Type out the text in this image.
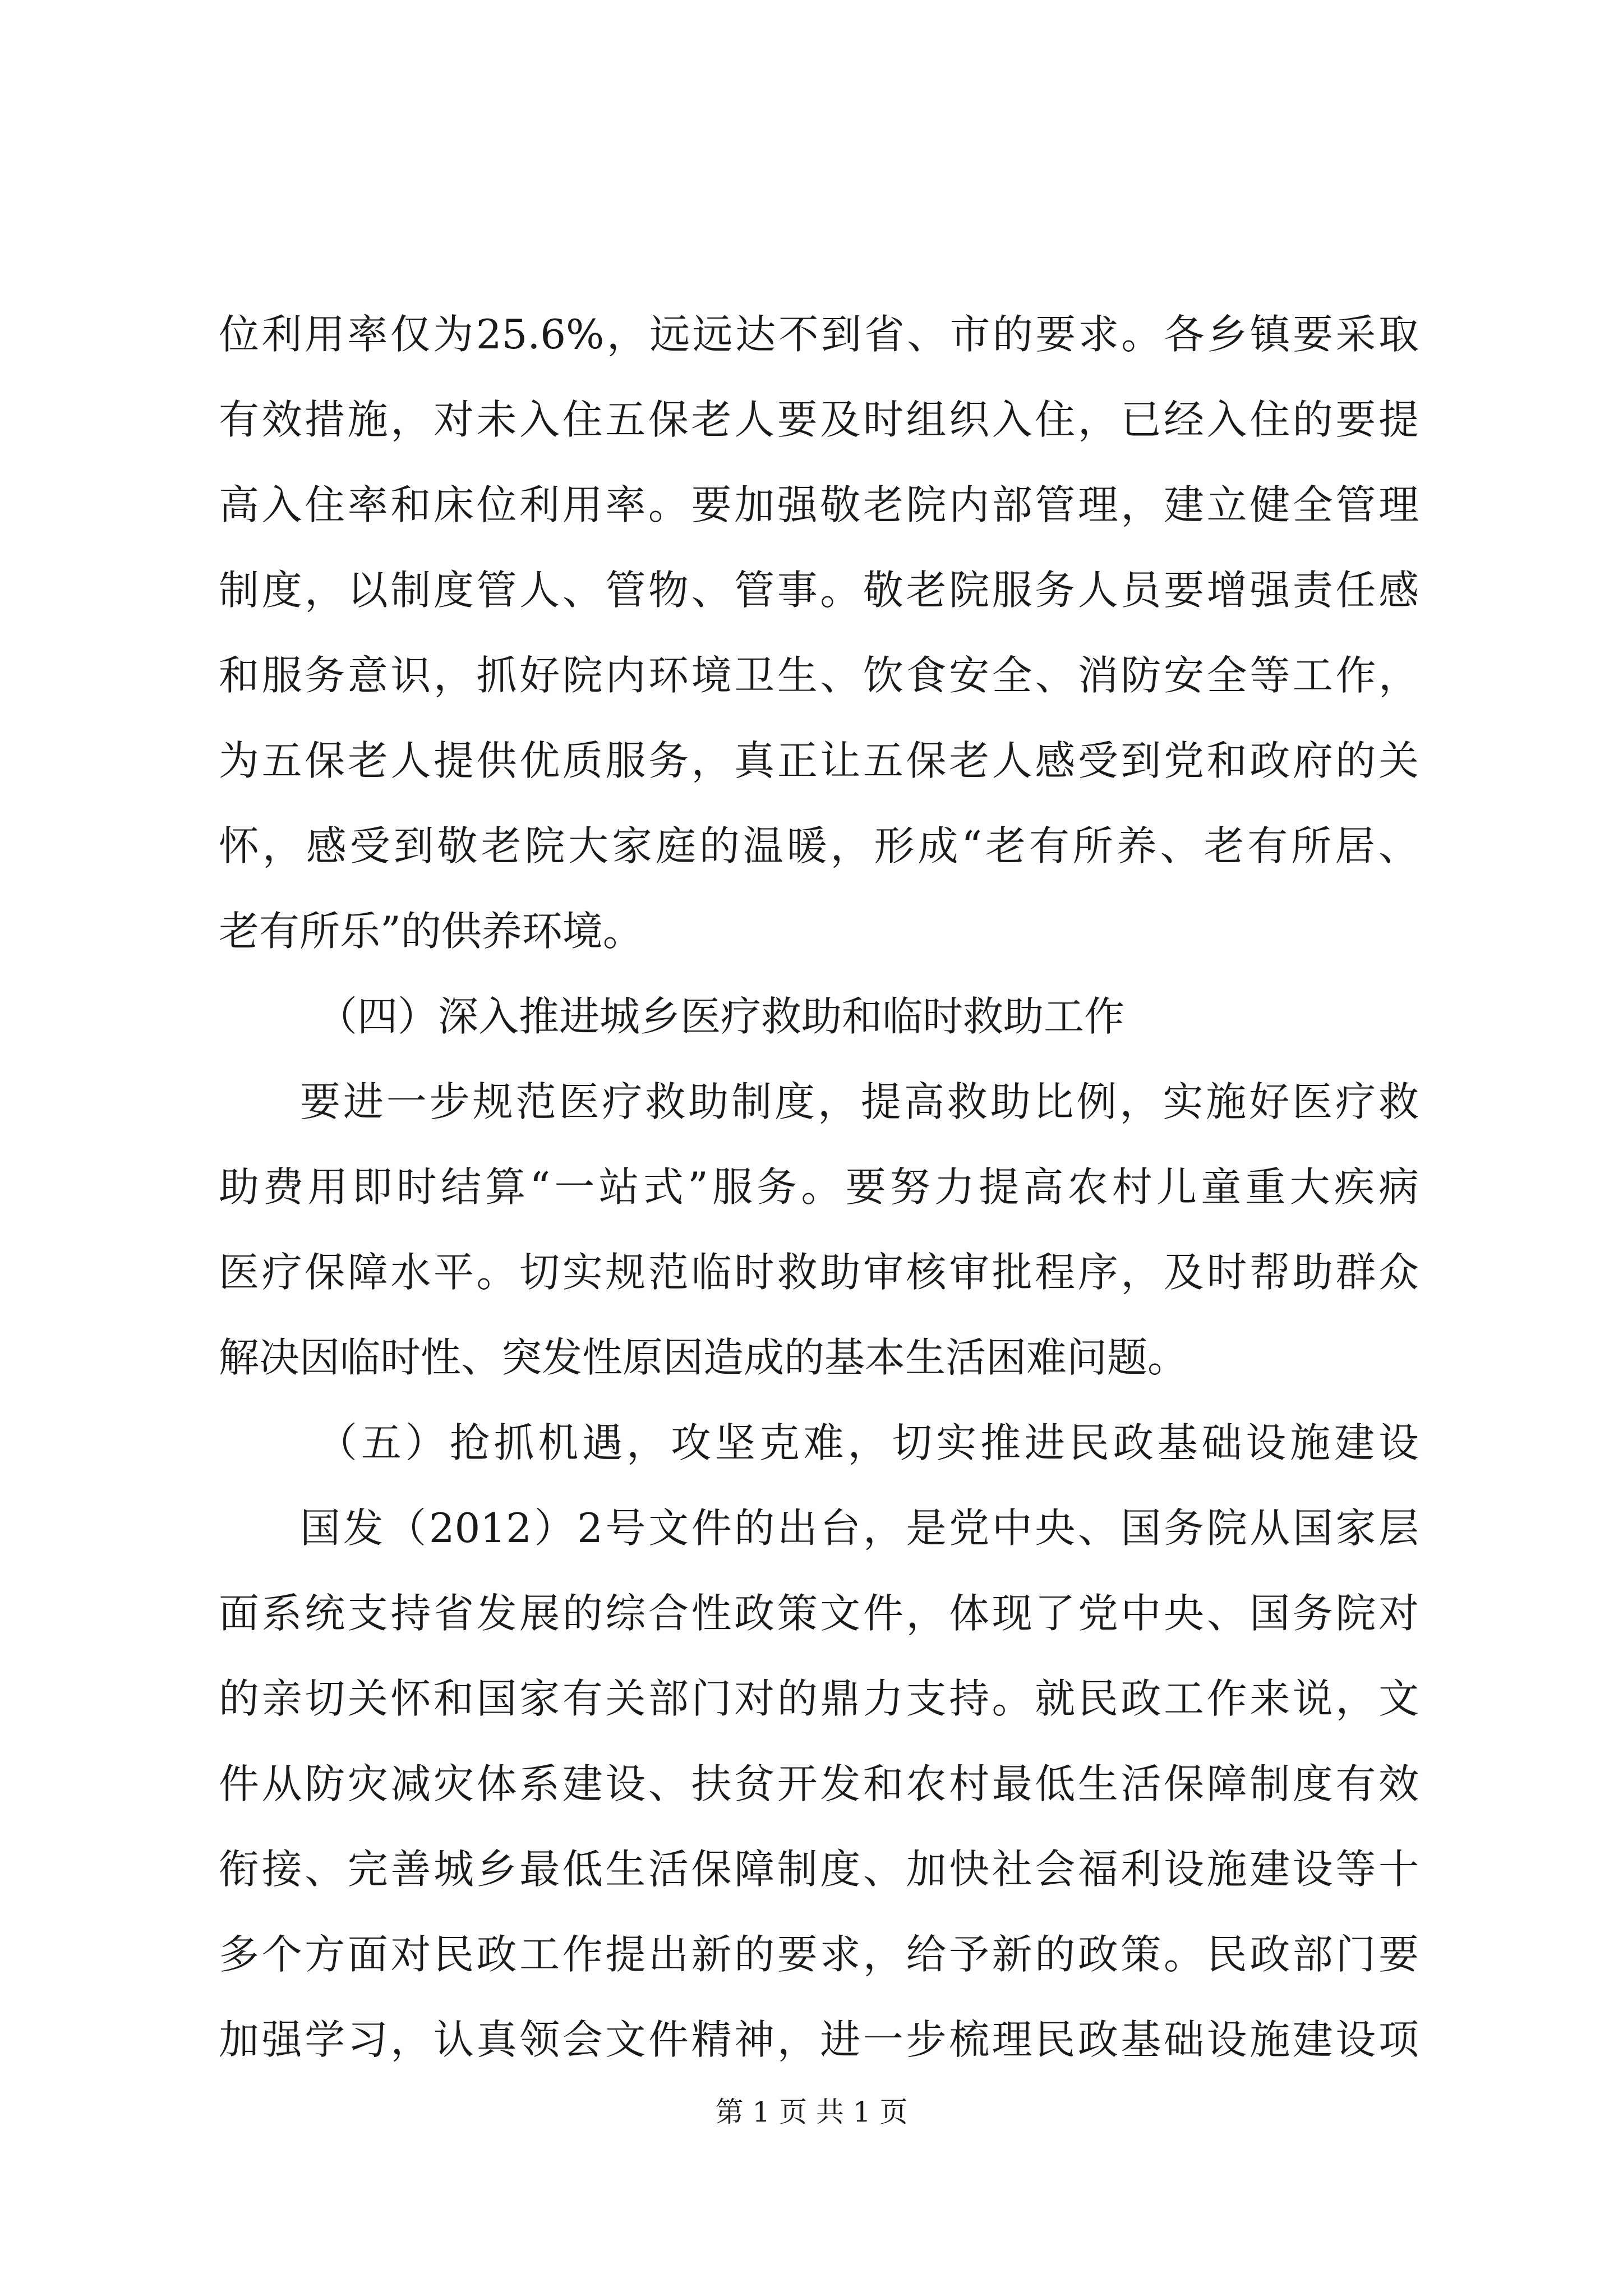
位利用率仅为25.6%，远远达不到省、市的要求。各乡镇要采取
有效措施，对未入住五保老人要及时组织入住，已经入住的要提
高入住率和床位利用率。要加强敬老院内部管理，建立健全管理
制度，以制度管人、管物、管事。敬老院服务人员要增强责任感
和服务意识，抓好院内环境卫生、饮食安全、消防安全等工作，
为五保老人提供优质服务，真正让五保老人感受到党和政府的关
怀，感受到敬老院大家庭的温暖，形成“老有所养、老有所居、
老有所乐”的供养环境。
（四）深入推进城乡医疗救助和临时救助工作
要进一步规范医疗救助制度，提高救助比例，实施好医疗救
助费用即时结算“一站式”服务。要努力提高农村儿童重大疾病
医疗保障水平。切实规范临时救助审核审批程序，及时帮助群众
解决因临时性、突发性原因造成的基本生活困难问题。
（五）抢抓机遇，攻坚克难，切实推进民政基础设施建设
国发（2012）2号文件的出台，是党中央、国务院从国家层
面系统支持省发展的综合性政策文件，体现了党中央、国务院对
的亲切关怀和国家有关部门对的鼎力支持。就民政工作来说，文
件从防灾减灾体系建设、扶贫开发和农村最低生活保障制度有效
衔接、完善城乡最低生活保障制度、加快社会福利设施建设等十
多个方面对民政工作提出新的要求，给予新的政策。民政部门要
加强学习，认真领会文件精神，进一步梳理民政基础设施建设项
第 1 页 共 1 页
